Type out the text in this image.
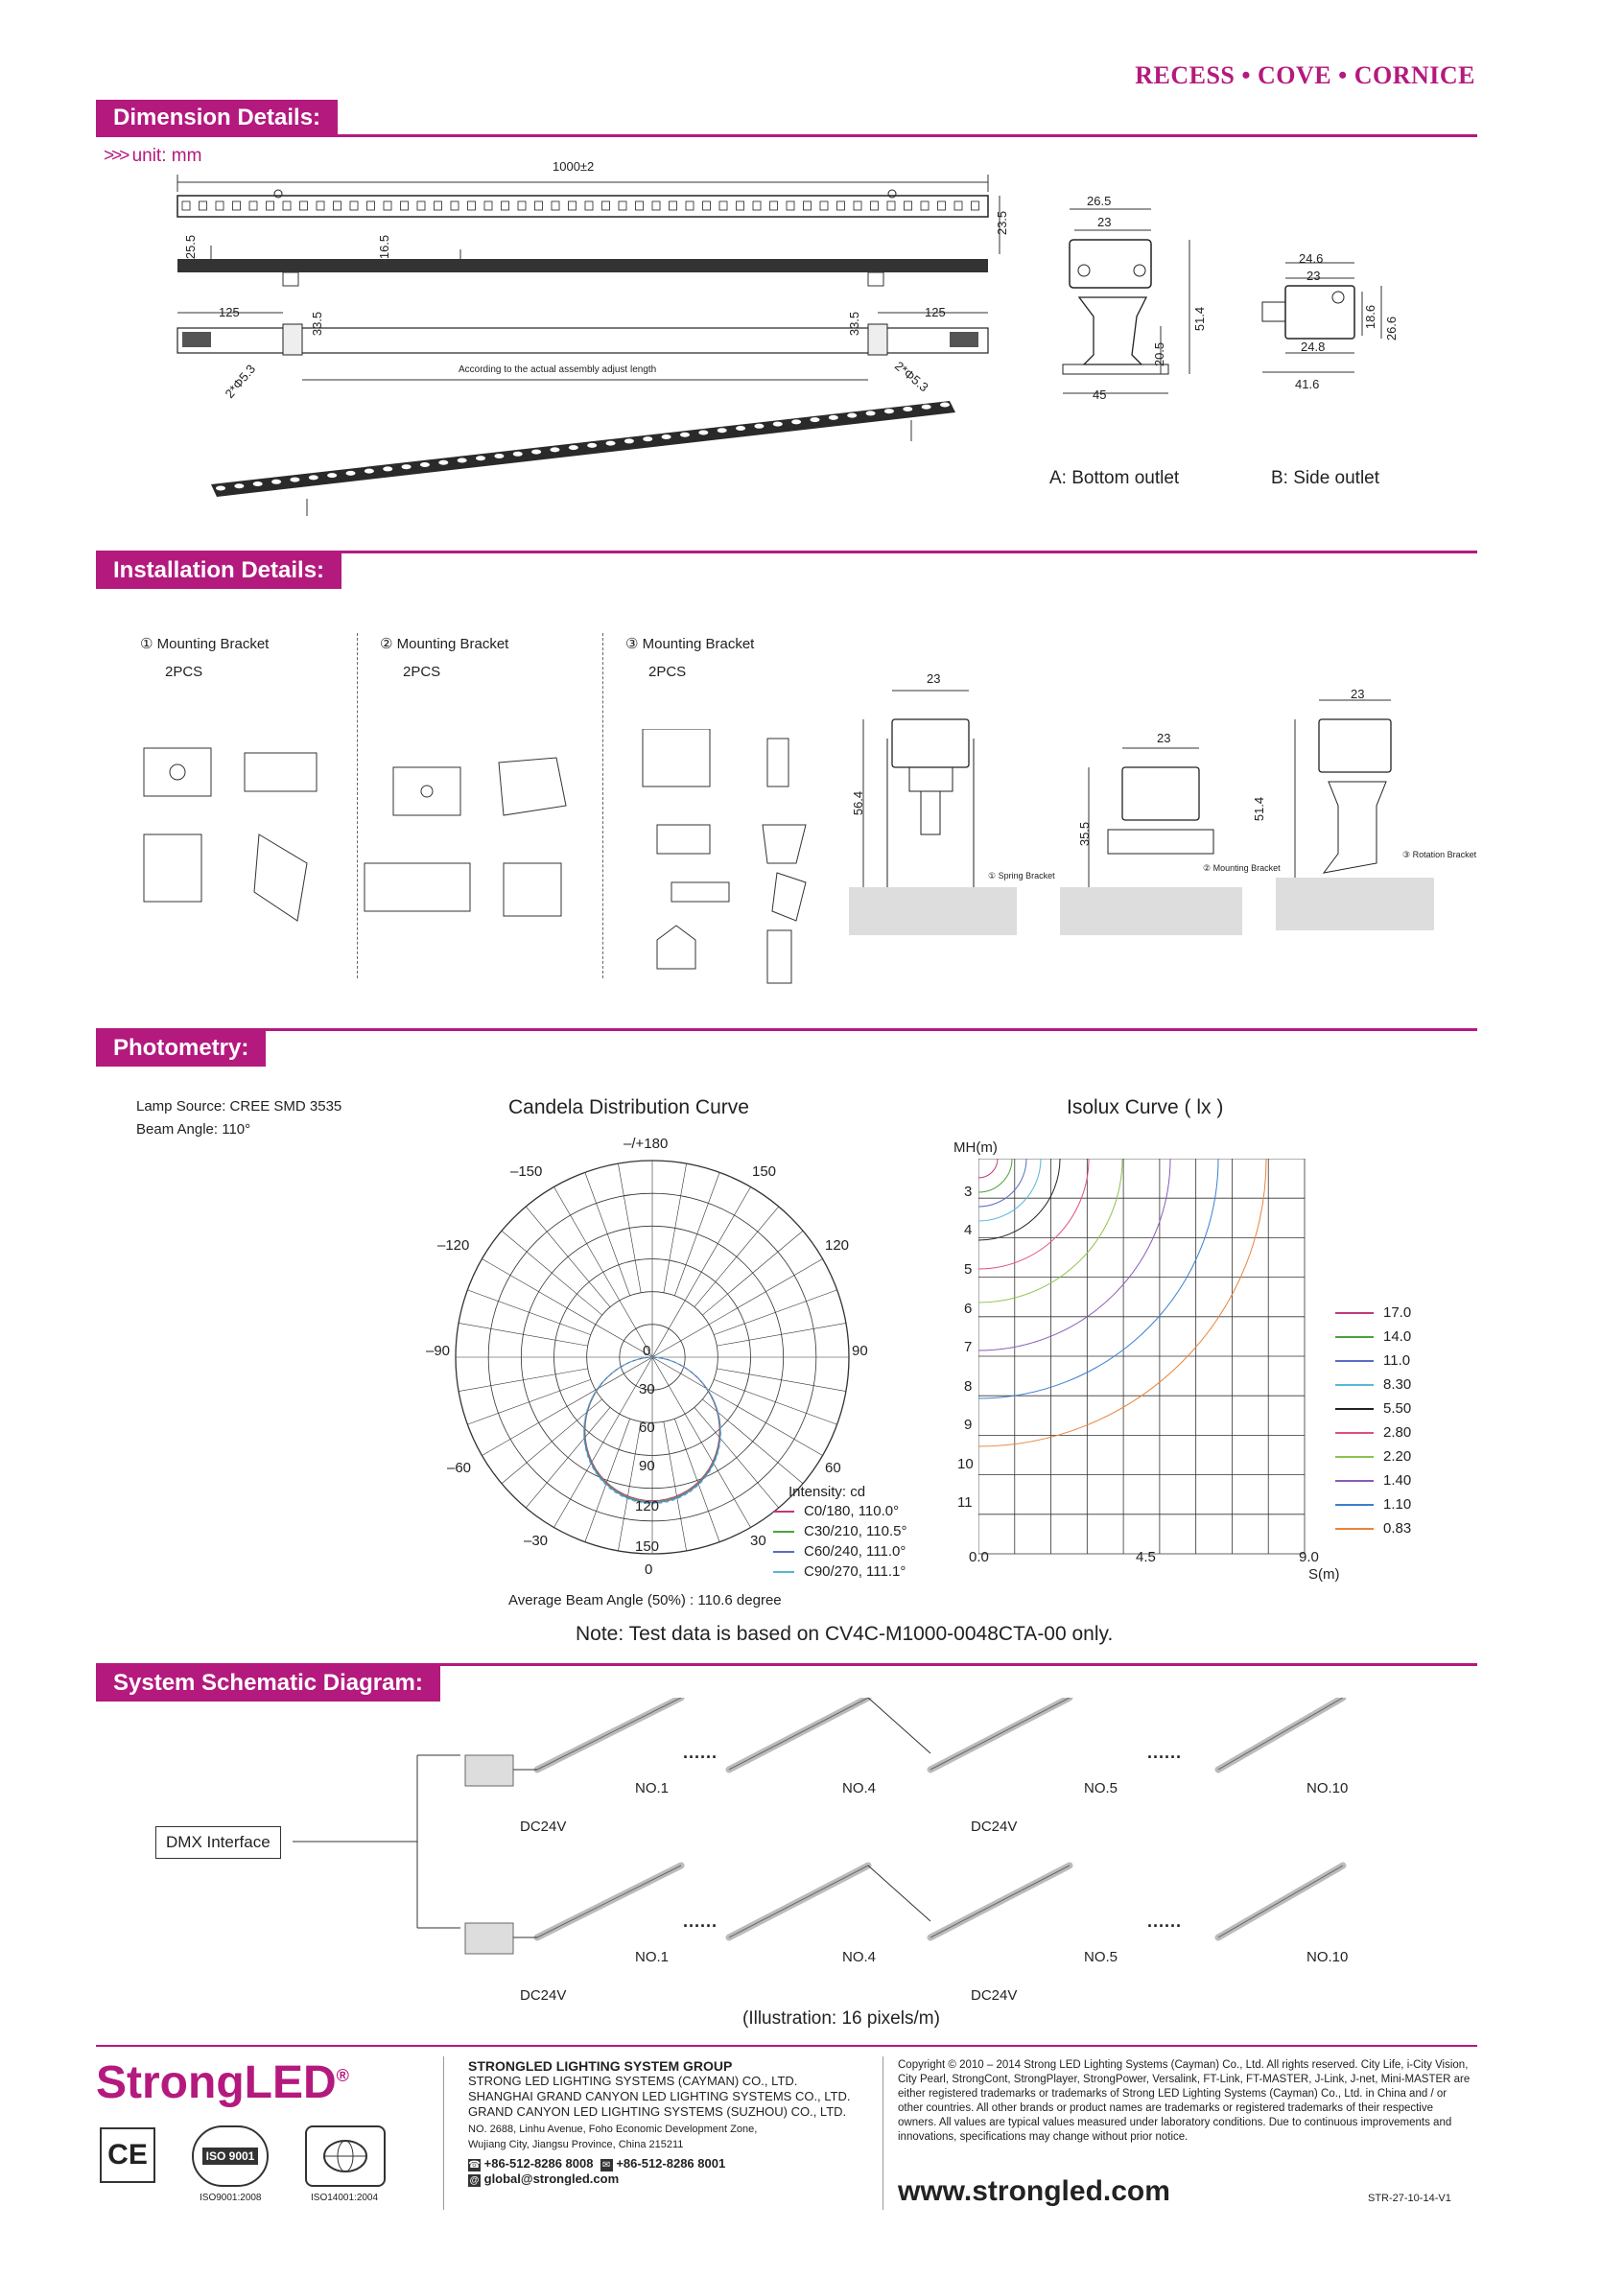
RECESS • COVE • CORNICE
Dimension Details:
>>> unit: mm
1000±2
23.5
25.5	16.5
125	125
33.5	33.5
2*Φ5.3	2*Φ5.3
According to the actual assembly adjust length
26.5
23
51.4
20.5
45
A: Bottom outlet
24.6
23
18.6 26.6
24.8
41.6
B: Side outlet
Installation Details:
① Mounting Bracket
2PCS
② Mounting Bracket
2PCS
③ Mounting Bracket
2PCS	23
56.4
① Spring Bracket
23
35.5
② Mounting Bracket
23
51.4
③ Rotation Bracket
Photometry:
Lamp Source: CREE SMD 3535
Beam Angle: 110°
Candela Distribution Curve	Isolux Curve ( lx )
–/+180
–150	150
–120	120
–90	90
–60	60
–30	30
0
0
30
60
90
120
150
Intensity: cd
C0/180, 110.0°
C30/210, 110.5°
C60/240, 111.0°
C90/270, 111.1°
Average Beam Angle (50%) : 110.6 degree
Note: Test data is based on CV4C-M1000-0048CTA-00 only.
MH(m)
3
4
5
6
7
8
9
10
11
0.0	4.5	9.0
S(m)
17.0
14.0
11.0
8.30
5.50
2.80
2.20
1.40
1.10
0.83
System Schematic Diagram:
DMX Interface
NO.1	NO.4	NO.5	NO.10
DC24V	DC24V
······	······
NO.1	NO.4	NO.5	NO.10
DC24V	DC24V
······	······
(Illustration: 16 pixels/m)
StrongLED®
CE	ISO 9001
ISO9001:2008	ISO14001:2004
STRONGLED LIGHTING SYSTEM GROUP
STRONG LED LIGHTING SYSTEMS (CAYMAN) CO., LTD.
SHANGHAI GRAND CANYON LED LIGHTING SYSTEMS CO., LTD.
GRAND CANYON LED LIGHTING SYSTEMS (SUZHOU) CO., LTD.
NO. 2688, Linhu Avenue, Foho Economic Development Zone,
Wujiang City, Jiangsu Province, China 215211
☎ +86-512-8286 8008 ✉ +86-512-8286 8001
@ global@strongled.com
Copyright © 2010 – 2014 Strong LED Lighting Systems (Cayman) Co., Ltd. All rights reserved. City Life, i-City Vision, City Pearl, StrongCont, StrongPlayer, StrongPower, Versalink, FT-Link, FT-MASTER, J-Link, J-net, Mini-MASTER are either registered trademarks or trademarks of Strong LED Lighting Systems (Cayman) Co., Ltd. in China and / or other countries. All other brands or product names are trademarks or registered trademarks of their respective owners. All values are typical values measured under laboratory conditions. Due to continuous improvements and innovations, specifications may change without prior notice.
www.strongled.com	STR-27-10-14-V1
